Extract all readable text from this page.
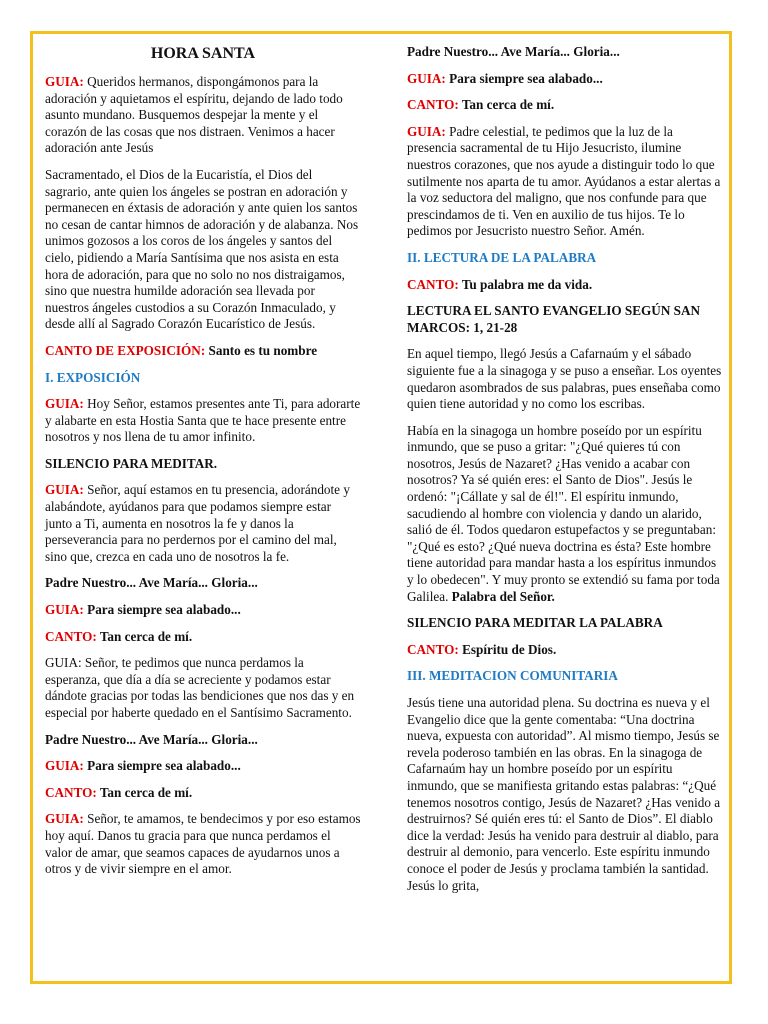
HORA SANTA

GUIA: Queridos hermanos, dispongámonos para la adoración y aquietamos el espíritu, dejando de lado todo asunto mundano. Busquemos despejar la mente y el corazón de las cosas que nos distraen. Venimos a hacer adoración ante Jesús

Sacramentado, el Dios de la Eucaristía, el Dios del sagrario, ante quien los ángeles se postran en adoración y permanecen en éxtasis de adoración y ante quien los santos no cesan de cantar himnos de adoración y de alabanza. Nos unimos gozosos a los coros de los ángeles y santos del cielo, pidiendo a María Santísima que nos asista en esta hora de adoración, para que no solo no nos distraigamos, sino que nuestra humilde adoración sea llevada por nuestros ángeles custodios a su Corazón Inmaculado, y desde allí al Sagrado Corazón Eucarístico de Jesús.

CANTO DE EXPOSICIÓN: Santo es tu nombre

I. EXPOSICIÓN

GUIA: Hoy Señor, estamos presentes ante Ti, para adorarte y alabarte en esta Hostia Santa que te hace presente entre nosotros y nos llena de tu amor infinito.

SILENCIO PARA MEDITAR.

GUIA: Señor, aquí estamos en tu presencia, adorándote y alabándote, ayúdanos para que podamos siempre estar junto a Ti, aumenta en nosotros la fe y danos la perseverancia para no perdernos por el camino del mal, sino que, crezca en cada uno de nosotros la fe.

Padre Nuestro... Ave María... Gloria...

GUIA: Para siempre sea alabado...

CANTO: Tan cerca de mí.

GUIA: Señor, te pedimos que nunca perdamos la esperanza, que día a día se acreciente y podamos estar dándote gracias por todas las bendiciones que nos das y en especial por haberte quedado en el Santísimo Sacramento.

Padre Nuestro... Ave María... Gloria...

GUIA: Para siempre sea alabado...

CANTO: Tan cerca de mí.

GUIA: Señor, te amamos, te bendecimos y por eso estamos hoy aquí. Danos tu gracia para que nunca perdamos el valor de amar, que seamos capaces de ayudarnos unos a otros y de vivir siempre en el amor.

Padre Nuestro... Ave María... Gloria...

GUIA: Para siempre sea alabado...

CANTO: Tan cerca de mí.

GUIA: Padre celestial, te pedimos que la luz de la presencia sacramental de tu Hijo Jesucristo, ilumine nuestros corazones, que nos ayude a distinguir todo lo que sutilmente nos aparta de tu amor. Ayúdanos a estar alertas a la voz seductora del maligno, que nos confunde para que prescindamos de ti. Ven en auxilio de tus hijos. Te lo pedimos por Jesucristo nuestro Señor. Amén.

II. LECTURA DE LA PALABRA

CANTO: Tu palabra me da vida.

LECTURA EL SANTO EVANGELIO SEGÚN SAN MARCOS: 1, 21-28

En aquel tiempo, llegó Jesús a Cafarnaúm y el sábado siguiente fue a la sinagoga y se puso a enseñar. Los oyentes quedaron asombrados de sus palabras, pues enseñaba como quien tiene autoridad y no como los escribas.

Había en la sinagoga un hombre poseído por un espíritu inmundo, que se puso a gritar: "¿Qué quieres tú con nosotros, Jesús de Nazaret? ¿Has venido a acabar con nosotros? Ya sé quién eres: el Santo de Dios". Jesús le ordenó: "¡Cállate y sal de él!". El espíritu inmundo, sacudiendo al hombre con violencia y dando un alarido, salió de él. Todos quedaron estupefactos y se preguntaban: "¿Qué es esto? ¿Qué nueva doctrina es ésta? Este hombre tiene autoridad para mandar hasta a los espíritus inmundos y lo obedecen". Y muy pronto se extendió su fama por toda Galilea. Palabra del Señor.

SILENCIO PARA MEDITAR LA PALABRA

CANTO: Espíritu de Dios.

III. MEDITACION COMUNITARIA

Jesús tiene una autoridad plena. Su doctrina es nueva y el Evangelio dice que la gente comentaba: “Una doctrina nueva, expuesta con autoridad”. Al mismo tiempo, Jesús se revela poderoso también en las obras. En la sinagoga de Cafarnaúm hay un hombre poseído por un espíritu inmundo, que se manifiesta gritando estas palabras: “¿Qué tenemos nosotros contigo, Jesús de Nazaret? ¿Has venido a destruirnos? Sé quién eres tú: el Santo de Dios”. El diablo dice la verdad: Jesús ha venido para destruir al diablo, para destruir al demonio, para vencerlo. Este espíritu inmundo conoce el poder de Jesús y proclama también la santidad. Jesús lo grita,
